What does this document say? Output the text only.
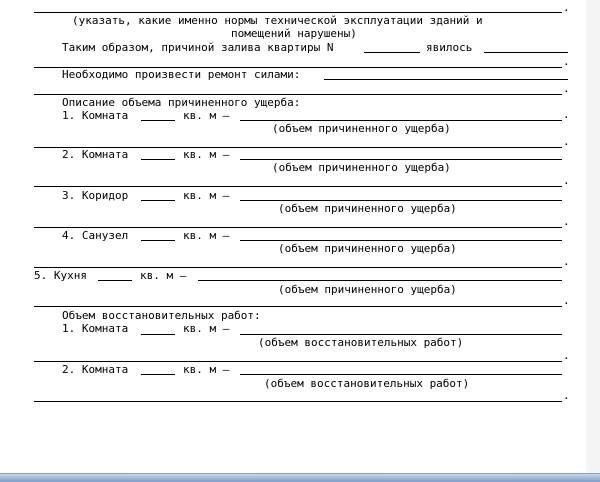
.
(указать, какие именно нормы технической эксплуатации зданий и
помещений нарушены)
Таким образом, причиной залива квартиры N	явилось
.
Необходимо произвести ремонт силами:
.
Описание объема причиненного ущерба:
1. Комната	кв. м –	.
(объем причиненного ущерба)
.
2. Комната	кв. м –
(объем причиненного ущерба)
.
3. Коридор	кв. м –
(объем причиненного ущерба)
.
4. Санузел	кв. м –
(объем причиненного ущерба)
.
5. Кухня	кв. м –
(объем причиненного ущерба)
.
Объем восстановительных работ:
1. Комната	кв. м –
(объем восстановительных работ)
.
2. Комната	кв. м –
(объем восстановительных работ)
.
